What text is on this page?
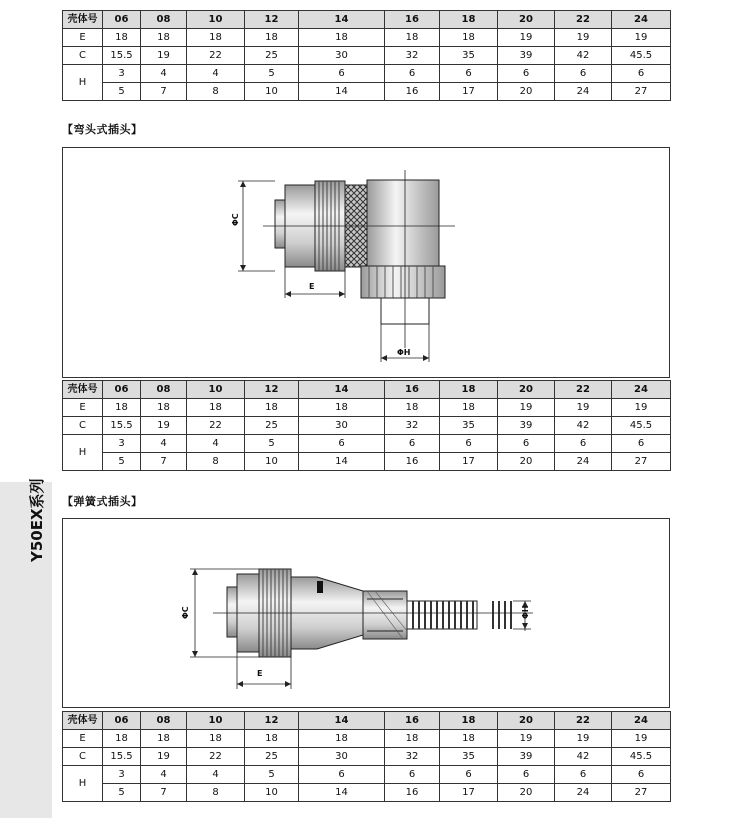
壳体号	06	08	10	12	14	16	18	20	22	24
E	18	18	18	18	18	18	18	19	19	19
C	15.5	19	22	25	30	32	35	39	42	45.5
H	3	4	4	5	6	6	6	6	6	6
	5	7	8	10	14	16	17	20	24	27
【弯头式插头】
ΦC
E
ΦH
壳体号	06	08	10	12	14	16	18	20	22	24
E	18	18	18	18	18	18	18	19	19	19
C	15.5	19	22	25	30	32	35	39	42	45.5
H	3	4	4	5	6	6	6	6	6	6
	5	7	8	10	14	16	17	20	24	27
Y50EX系列 【弹簧式插头】
ΦC
E
ΦH
壳体号	06	08	10	12	14	16	18	20	22	24
E	18	18	18	18	18	18	18	19	19	19
C	15.5	19	22	25	30	32	35	39	42	45.5
H	3	4	4	5	6	6	6	6	6	6
	5	7	8	10	14	16	17	20	24	27
